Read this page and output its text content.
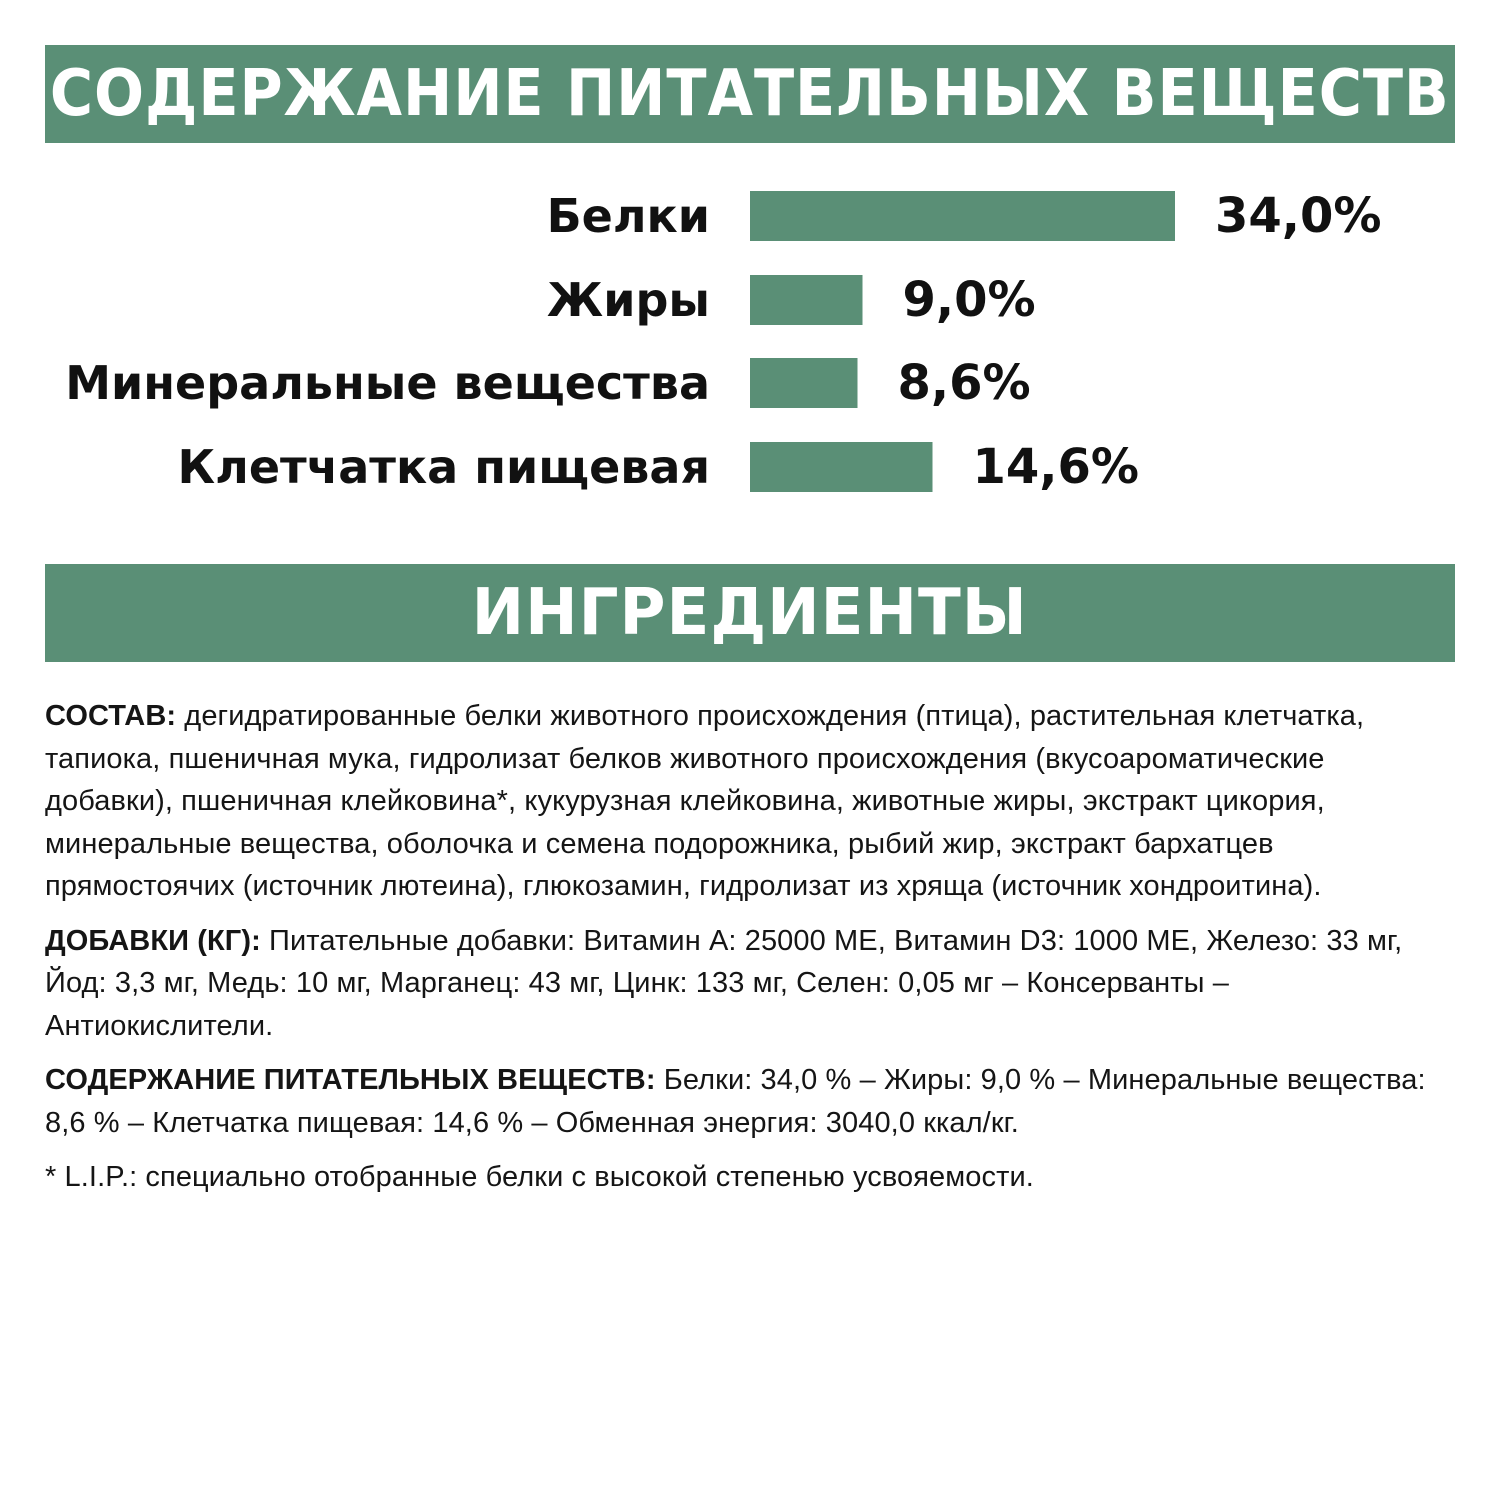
СОДЕРЖАНИЕ ПИТАТЕЛЬНЫХ ВЕЩЕСТВ
Белки	34,0%
Жиры	9,0%
Минеральные вещества	8,6%
Клетчатка пищевая	14,6%
ИНГРЕДИЕНТЫ

СОСТАВ: дегидратированные белки животного происхождения (птица), растительная клетчатка, тапиока, пшеничная мука, гидролизат белков животного происхождения (вкусоароматические добавки), пшеничная клейковина*, кукурузная клейковина, животные жиры, экстракт цикория, минеральные вещества, оболочка и семена подорожника, рыбий жир, экстракт бархатцев прямостоячих (источник лютеина), глюкозамин, гидролизат из хряща (источник хондроитина).

ДОБАВКИ (КГ): Питательные добавки: Витамин А: 25000 МЕ, Витамин D3: 1000 МЕ, Железо: 33 мг, Йод: 3,3 мг, Медь: 10 мг, Марганец: 43 мг, Цинк: 133 мг, Селен: 0,05 мг – Консерванты – Антиокислители.

СОДЕРЖАНИЕ ПИТАТЕЛЬНЫХ ВЕЩЕСТВ: Белки: 34,0 % – Жиры: 9,0 % – Минеральные вещества: 8,6 % – Клетчатка пищевая: 14,6 % – Обменная энергия: 3040,0 ккал/кг.

* L.I.P.: специально отобранные белки с высокой степенью усвояемости.
